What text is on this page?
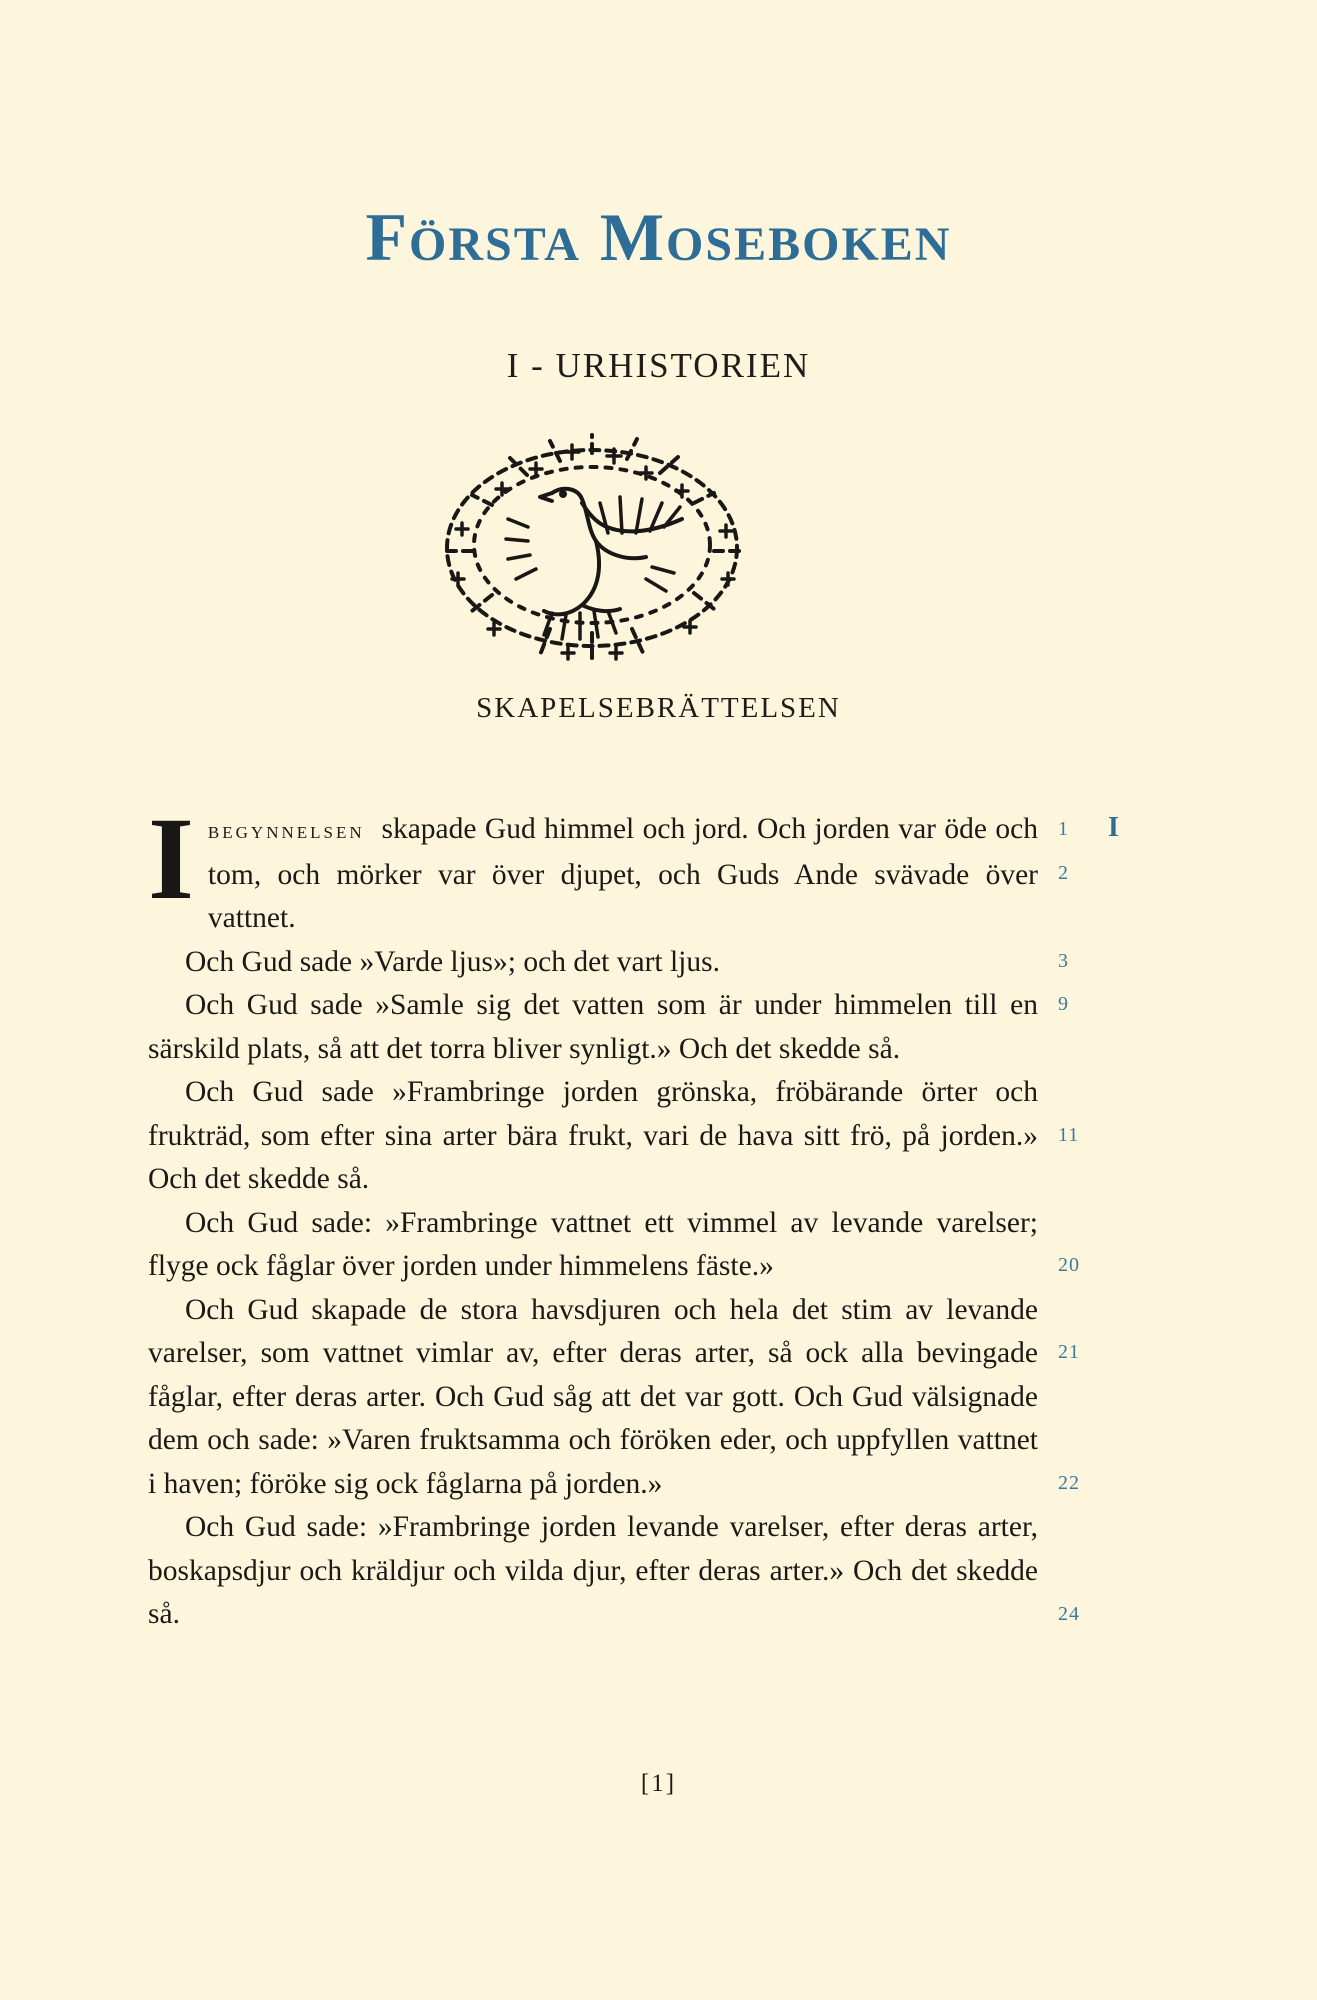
Första Moseboken
I - URHISTORIEN
SKAPELSEBRÄTTELSEN

Ibegynnelsen skapade Gud himmel och jord. Och jorden var öde och tom, och mörker var över djupet, och Guds Ande svävade över vattnet.

Och Gud sade »Varde ljus»; och det vart ljus.

Och Gud sade »Samle sig det vatten som är under himmelen till en särskild plats, så att det torra bliver synligt.» Och det skedde så.

Och Gud sade »Frambringe jorden grönska, fröbärande örter och frukträd, som efter sina arter bära frukt, vari de hava sitt frö, på jorden.» Och det skedde så.

Och Gud sade: »Frambringe vattnet ett vimmel av levande varelser; flyge ock fåglar över jorden under himmelens fäste.»

Och Gud skapade de stora havsdjuren och hela det stim av levande varelser, som vattnet vimlar av, efter deras arter, så ock alla bevingade fåglar, efter deras arter. Och Gud såg att det var gott. Och Gud välsignade dem och sade: »Varen fruktsamma och föröken eder, och uppfyllen vattnet i haven; föröke sig ock fåglarna på jorden.»

Och Gud sade: »Frambringe jorden levande varelser, efter deras arter, boskapsdjur och kräldjur och vilda djur, efter deras arter.» Och det skedde så.

I
1
2
3
9
11
20
21
22
24
[1]
